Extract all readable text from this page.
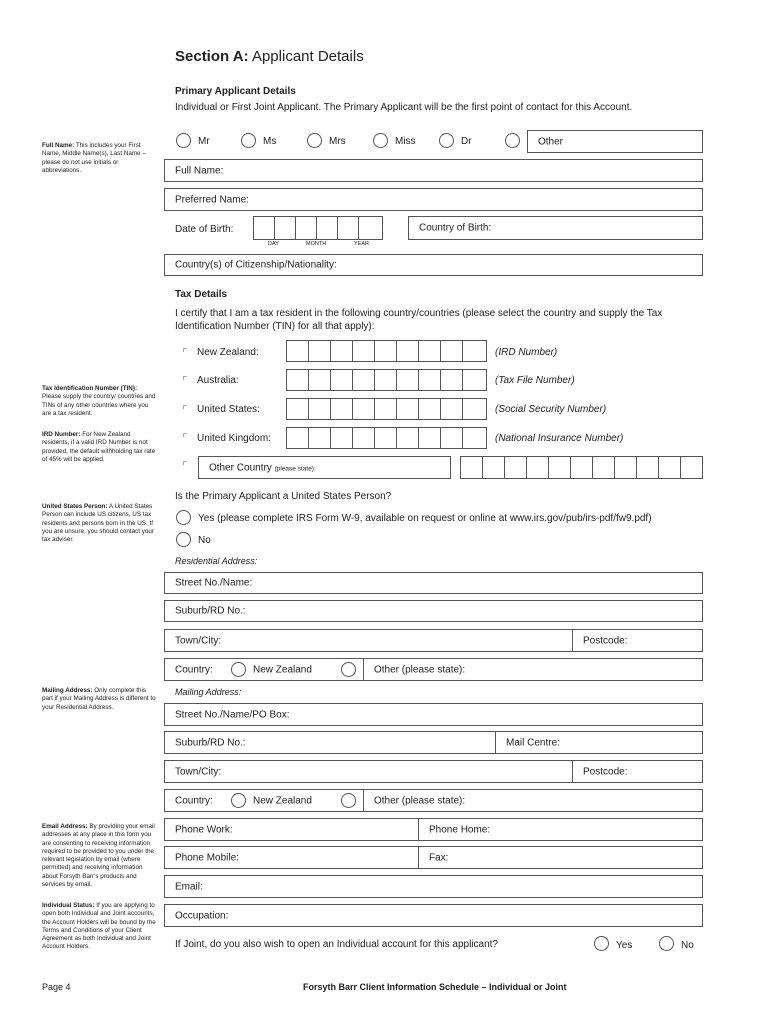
Section A: Applicant Details
Primary Applicant Details
Individual or First Joint Applicant. The Primary Applicant will be the first point of contact for this Account.
Full Name: This includes your First Name, Middle Name(s), Last Name – please do not use initials or abbreviations.
Tax Identification Number (TIN): Please supply the country/ countries and TINs of any other countries where you are a tax resident.
IRD Number: For New Zealand residents, if a valid IRD Number is not provided, the default withholding tax rate of 45% will be applied.
United States Person: A United States Person can include US citizens, US tax residents and persons born in the US. If you are unsure, you should contact your tax adviser.
Mailing Address: Only complete this part if your Mailing Address is different to your Residential Address.
Email Address: By providing your email addresses at any place in this form you are consenting to receiving information required to be provided to you under the relevant legislation by email (where permitted) and receiving information about Forsyth Barr's products and services by email.
Individual Status: If you are applying to open both Individual and Joint accounts, the Account Holders will be bound by the Terms and Conditions of your Client Agreement as both Individual and Joint Account Holders.
Mr	Ms	Mrs	Miss	Dr	Other
Full Name:
Preferred Name:
Date of Birth:
DAY	MONTH	YEAR
Country of Birth:
Country(s) of Citizenship/Nationality:
Tax Details
I certify that I am a tax resident in the following country/countries (please select the country and supply the Tax
Identification Number (TIN) for all that apply):
New Zealand:	(IRD Number)
Australia:	(Tax File Number)
United States:	(Social Security Number)
United Kingdom:	(National Insurance Number)
Other Country (please state):
Is the Primary Applicant a United States Person?
Yes (please complete IRS Form W-9, available on request or online at www.irs.gov/pub/irs-pdf/fw9.pdf)
No
Residential Address:
Street No./Name:
Suburb/RD No.:
Town/City:	Postcode:
Country:	New Zealand	Other (please state):
Mailing Address:
Street No./Name/PO Box:
Suburb/RD No.:	Mail Centre:
Town/City:	Postcode:
Country:	New Zealand	Other (please state):
Phone Work:	Phone Home:
Phone Mobile:	Fax:
Email:
Occupation:
If Joint, do you also wish to open an Individual account for this applicant?	Yes	No
Page 4	Forsyth Barr Client Information Schedule – Individual or Joint
